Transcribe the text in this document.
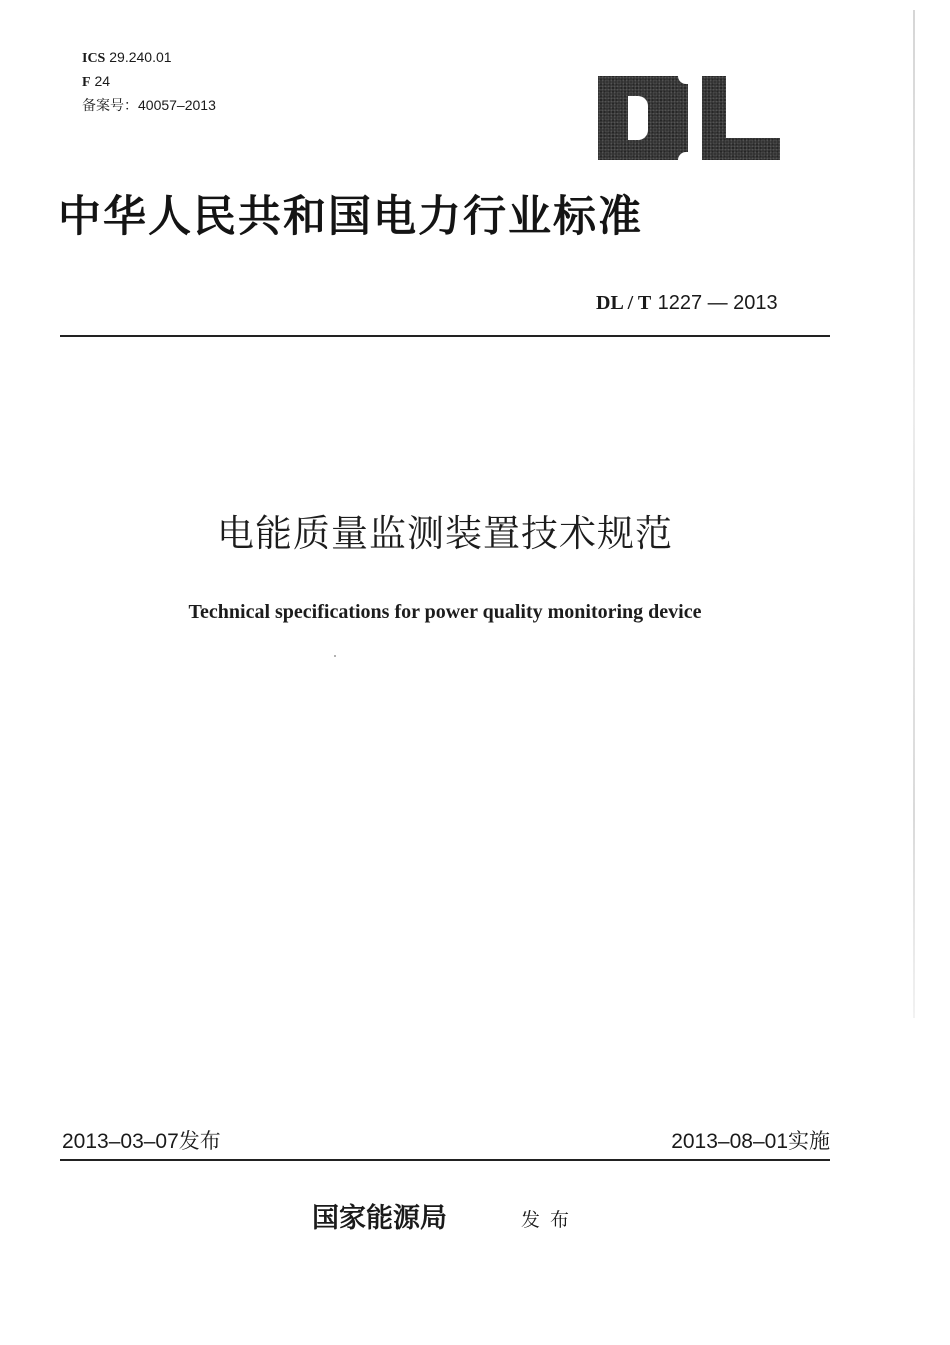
ICS 29.240.01
F 24
备案号：40057–2013
中华人民共和国电力行业标准
DL / T 1227 — 2013
电能质量监测装置技术规范
Technical specifications for power quality monitoring device
2013–03–07发布	2013–08–01实施
国家能源局	发布
